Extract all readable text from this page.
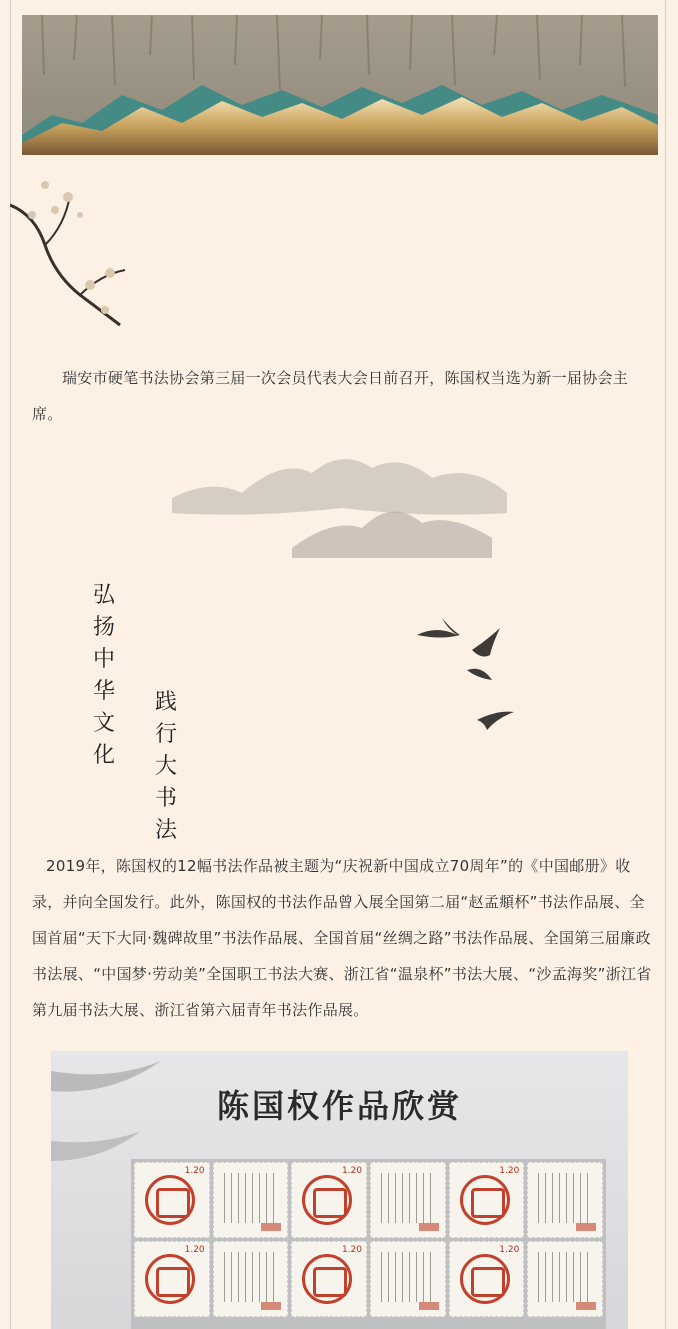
瑞安市硬笔书法协会第三届一次会员代表大会日前召开，陈国权当选为新一届协会主席。

弘扬中华文化
践行大书法

2019年，陈国权的12幅书法作品被主题为“庆祝新中国成立70周年”的《中国邮册》收录，并向全国发行。此外，陈国权的书法作品曾入展全国第二届“赵孟頫杯”书法作品展、全国首届“天下大同·魏碑故里”书法作品展、全国首届“丝绸之路”书法作品展、全国第三届廉政书法展、“中国梦·劳动美”全国职工书法大赛、浙江省“温泉杯”书法大展、“沙孟海奖”浙江省第九届书法大展、浙江省第六届青年书法作品展。

陈国权作品欣赏
1.20	1.20	1.20
1.20	1.20	1.20
